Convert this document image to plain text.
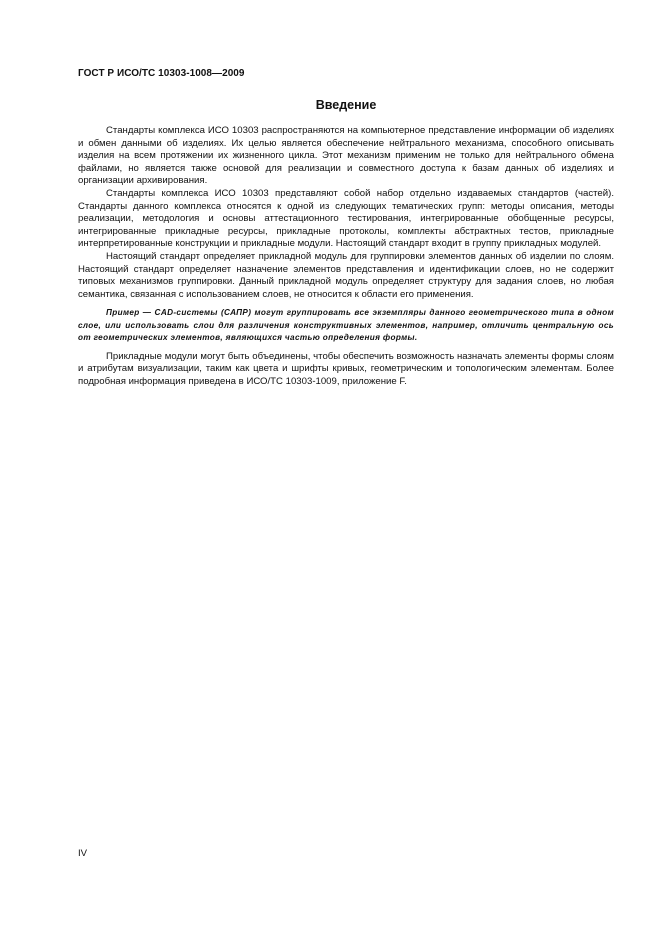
ГОСТ Р ИСО/ТС 10303-1008—2009
Введение

Стандарты комплекса ИСО 10303 распространяются на компьютерное представление информации об изделиях и обмен данными об изделиях. Их целью является обеспечение нейтрального механизма, способного описывать изделия на всем протяжении их жизненного цикла. Этот механизм применим не только для нейтрального обмена файлами, но является также основой для реализации и совместного доступа к базам данных об изделиях и организации архивирования.

Стандарты комплекса ИСО 10303 представляют собой набор отдельно издаваемых стандартов (частей). Стандарты данного комплекса относятся к одной из следующих тематических групп: методы описания, методы реализации, методология и основы аттестационного тестирования, интегрированные обобщенные ресурсы, интегрированные прикладные ресурсы, прикладные протоколы, комплекты абстрактных тестов, прикладные интерпретированные конструкции и прикладные модули. Настоящий стандарт входит в группу прикладных модулей.

Настоящий стандарт определяет прикладной модуль для группировки элементов данных об изделии по слоям. Настоящий стандарт определяет назначение элементов представления и идентификации слоев, но не содержит типовых механизмов группировки. Данный прикладной модуль определяет структуру для задания слоев, но любая семантика, связанная с использованием слоев, не относится к области его применения.

Пример — CAD-системы (САПР) могут группировать все экземпляры данного геометрического типа в одном слое, или использовать слои для различения конструктивных элементов, например, отличить центральную ось от геометрических элементов, являющихся частью определения формы.

Прикладные модули могут быть объединены, чтобы обеспечить возможность назначать элементы формы слоям и атрибутам визуализации, таким как цвета и шрифты кривых, геометрическим и топологическим элементам. Более подробная информация приведена в ИСО/ТС 10303-1009, приложение F.

IV
